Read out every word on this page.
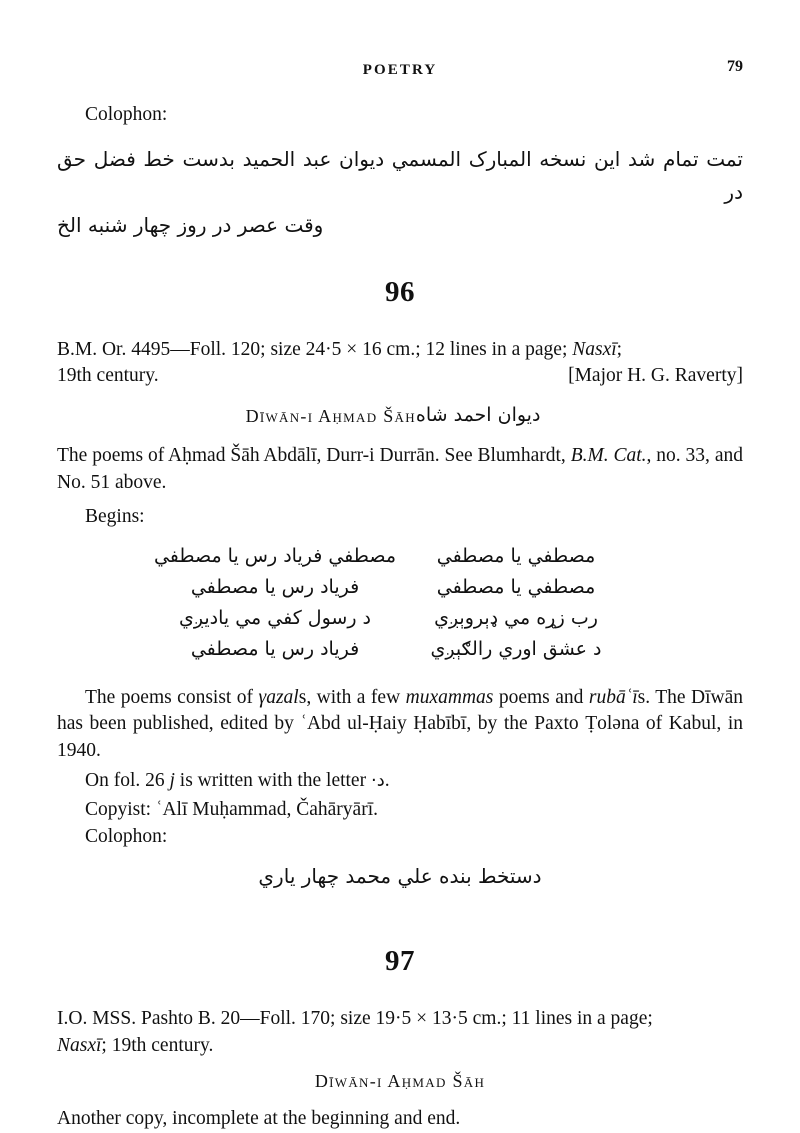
POETRY	79

Colophon:

تمت تمام شد این نسخه المبارک المسمي دیوان عبد الحمید بدست خط فضل حق در
وقت عصر در روز چهار شنبه الخ

96

B.M. Or. 4495—Foll. 120; size 24·5 × 16 cm.; 12 lines in a page; Nasxī;

19th century.	[Major H. G. Raverty]

Dīwān-i Aḥmad Šāhدیوان احمد شاه

The poems of Aḥmad Šāh Abdālī, Durr-i Durrān. See Blumhardt, B.M. Cat., no. 33, and No. 51 above.

Begins:

مصطفي يا مصطفي
مصطفي فرياد رس يا مصطفي
مصطفي يا مصطفي
فرياد رس يا مصطفي
رب زړه مي ډېروېږي
د رسول كفي مي ياديږي
د عشق اوري رالګېږي
فرياد رس يا مصطفي

The poems consist of γazals, with a few muxammas poems and rubāʿīs. The Dīwān has been published, edited by ʿAbd ul-Ḥaiy Ḥabībī, by the Paxto Ṭoləna of Kabul, in 1940.

On fol. 26 j is written with the letter د·.

Copyist: ʿAlī Muḥammad, Čahāryārī.

Colophon:

دستخط بنده علي محمد چهار ياري

97

I.O. MSS. Pashto B. 20—Foll. 170; size 19·5 × 13·5 cm.; 11 lines in a page;

Nasxī; 19th century.

Dīwān-i Aḥmad Šāh

Another copy, incomplete at the beginning and end.
